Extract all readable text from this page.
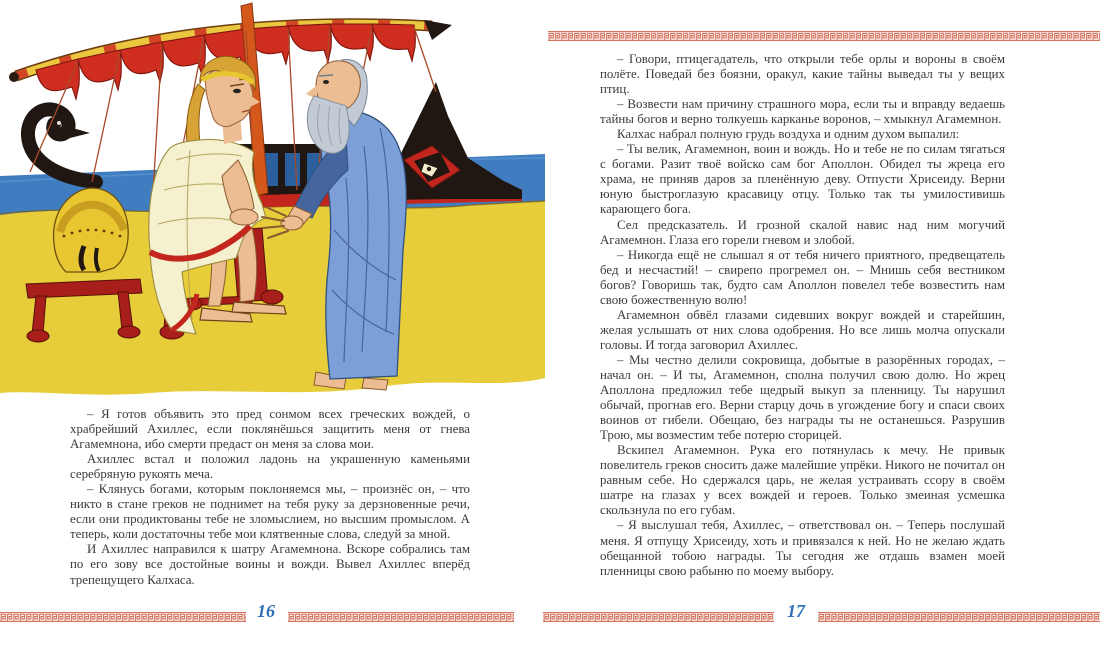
– Я готов объявить это пред сонмом всех греческих вождей, о храбрейший Ахиллес, если поклянёшься защитить меня от гнева Агамемнона, ибо смерти предаст он меня за слова мои.

Ахиллес встал и положил ладонь на украшенную каменьями серебряную рукоять меча.

– Клянусь богами, которым поклоняемся мы, – произнёс он, – что никто в стане греков не поднимет на тебя руку за дерзновенные речи, если они продиктованы тебе не зломыслием, но высшим промыслом. А теперь, коли достаточны тебе мои клятвенные слова, следуй за мной.

И Ахиллес направился к шатру Агамемнона. Вскоре собрались там по его зову все достойные воины и вожди. Вывел Ахиллес вперёд трепещущего Калхаса.

– Говори, птицегадатель, что открыли тебе орлы и вороны в своём полёте. Поведай без боязни, оракул, какие тайны выведал ты у вещих птиц.

– Возвести нам причину страшного мора, если ты и вправду ведаешь тайны богов и верно толкуешь карканье воронов, – хмыкнул Агамемнон.

Калхас набрал полную грудь воздуха и одним духом выпалил:

– Ты велик, Агамемнон, воин и вождь. Но и тебе не по силам тягаться с богами. Разит твоё войско сам бог Аполлон. Обидел ты жреца его храма, не приняв даров за пленённую деву. Отпусти Хрисеиду. Верни юную быстроглазую красавицу отцу. Только так ты умилостивишь карающего бога.

Сел предсказатель. И грозной скалой навис над ним могучий Агамемнон. Глаза его горели гневом и злобой.

– Никогда ещё не слышал я от тебя ничего приятного, предвещатель бед и несчастий! – свирепо прогремел он. – Мнишь себя вестником богов? Говоришь так, будто сам Аполлон повелел тебе возвестить нам свою божественную волю!

Агамемнон обвёл глазами сидевших вокруг вождей и старейшин, желая услышать от них слова одобрения. Но все лишь молча опускали головы. И тогда заговорил Ахиллес.

– Мы честно делили сокровища, добытые в разорённых городах, – начал он. – И ты, Агамемнон, сполна получил свою долю. Но жрец Аполлона предложил тебе щедрый выкуп за пленницу. Ты нарушил обычай, прогнав его. Верни старцу дочь в угождение богу и спаси своих воинов от гибели. Обещаю, без награды ты не останешься. Разрушив Трою, мы возместим тебе потерю сторицей.

Вскипел Агамемнон. Рука его потянулась к мечу. Не привык повелитель греков сносить даже малейшие упрёки. Никого не почитал он равным себе. Но сдержался царь, не желая устраивать ссору в своём шатре на глазах у всех вождей и героев. Только змеиная усмешка скользнула по его губам.

– Я выслушал тебя, Ахиллес, – ответствовал он. – Теперь послушай меня. Я отпущу Хрисеиду, хоть и привязался к ней. Но не желаю ждать обещанной тобою награды. Ты сегодня же отдашь взамен моей пленницы свою рабыню по моему выбору.

16	17
